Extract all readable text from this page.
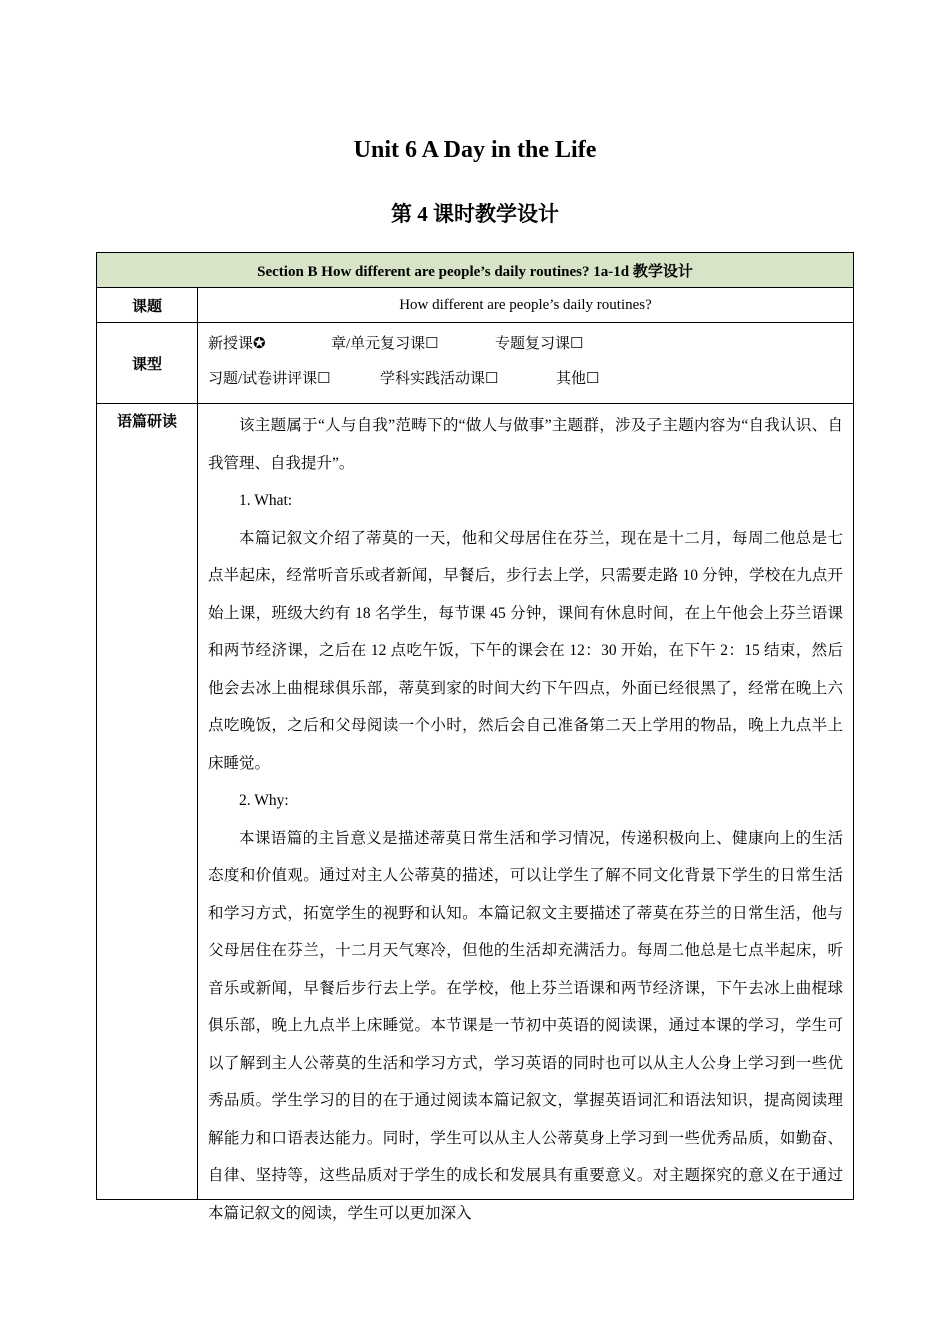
Unit 6 A Day in the Life
第 4 课时教学设计
Section B How different are people’s daily routines? 1a-1d 教学设计	
课题	How different are people’s daily routines?
课型	新授课✪ 章/单元复习课☐ 专题复习课☐
习题/试卷讲评课☐ 学科实践活动课☐ 其他☐

语篇研读	该主题属于“人与自我”范畴下的“做人与做事”主题群，涉及子主题内容为“自我认识、自我管理、自我提升”。

1. What:

本篇记叙文介绍了蒂莫的一天，他和父母居住在芬兰，现在是十二月，每周二他总是七点半起床，经常听音乐或者新闻，早餐后，步行去上学，只需要走路 10 分钟，学校在九点开始上课，班级大约有 18 名学生，每节课 45 分钟，课间有休息时间，在上午他会上芬兰语课和两节经济课，之后在 12 点吃午饭，下午的课会在 12：30 开始，在下午 2：15 结束，然后他会去冰上曲棍球俱乐部，蒂莫到家的时间大约下午四点，外面已经很黑了，经常在晚上六点吃晚饭，之后和父母阅读一个小时，然后会自己准备第二天上学用的物品，晚上九点半上床睡觉。

2. Why:

本课语篇的主旨意义是描述蒂莫日常生活和学习情况，传递积极向上、健康向上的生活态度和价值观。通过对主人公蒂莫的描述，可以让学生了解不同文化背景下学生的日常生活和学习方式，拓宽学生的视野和认知。本篇记叙文主要描述了蒂莫在芬兰的日常生活，他与父母居住在芬兰，十二月天气寒冷，但他的生活却充满活力。每周二他总是七点半起床，听音乐或新闻，早餐后步行去上学。在学校，他上芬兰语课和两节经济课，下午去冰上曲棍球俱乐部，晚上九点半上床睡觉。本节课是一节初中英语的阅读课，通过本课的学习，学生可以了解到主人公蒂莫的生活和学习方式，学习英语的同时也可以从主人公身上学习到一些优秀品质。学生学习的目的在于通过阅读本篇记叙文，掌握英语词汇和语法知识，提高阅读理解能力和口语表达能力。同时，学生可以从主人公蒂莫身上学习到一些优秀品质，如勤奋、自律、坚持等，这些品质对于学生的成长和发展具有重要意义。对主题探究的意义在于通过本篇记叙文的阅读，学生可以更加深入
